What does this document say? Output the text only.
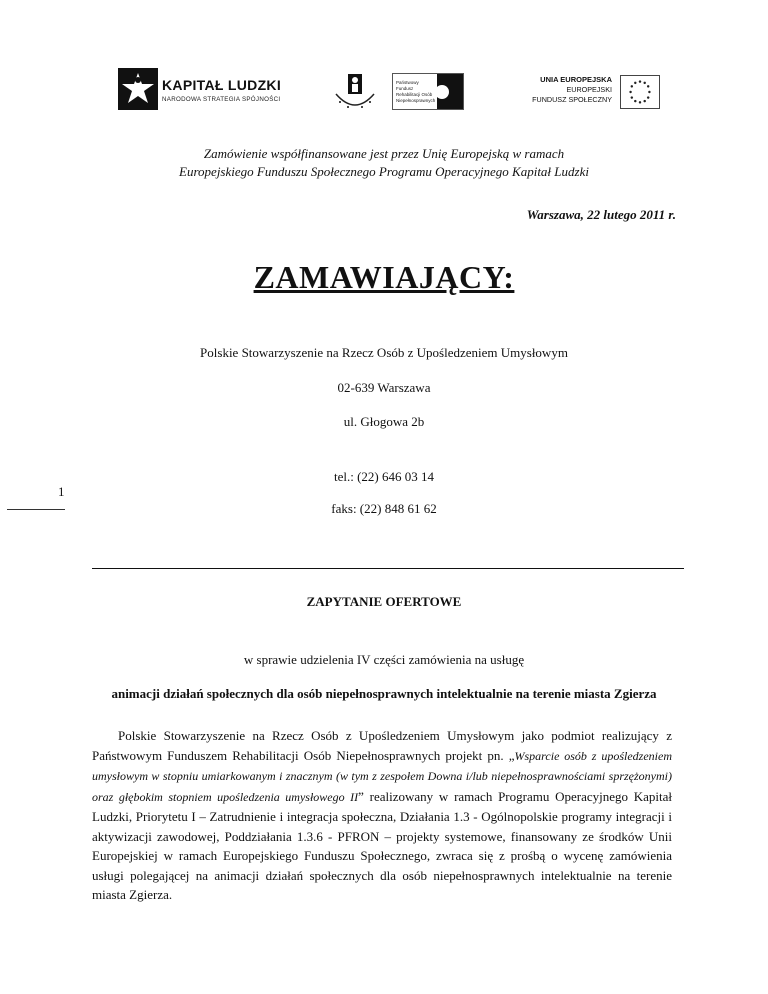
KAPITAŁ LUDZKI
NARODOWA STRATEGIA SPÓJNOŚCI
Państwowy Fundusz Rehabilitacji Osób Niepełnosprawnych
UNIA EUROPEJSKA
EUROPEJSKI
FUNDUSZ SPOŁECZNY
Zamówienie współfinansowane jest przez Unię Europejską w ramach
Europejskiego Funduszu Społecznego Programu Operacyjnego Kapitał Ludzki
Warszawa, 22 lutego 2011 r.
ZAMAWIAJĄCY:
Polskie Stowarzyszenie na Rzecz Osób z Upośledzeniem Umysłowym
02-639 Warszawa
ul. Głogowa 2b
tel.: (22) 646 03 14
faks: (22) 848 61 62
1
ZAPYTANIE OFERTOWE
w sprawie udzielenia IV części zamówienia na usługę
animacji działań społecznych dla osób niepełnosprawnych intelektualnie na terenie miasta Zgierza
Polskie Stowarzyszenie na Rzecz Osób z Upośledzeniem Umysłowym jako podmiot realizujący z Państwowym Funduszem Rehabilitacji Osób Niepełnosprawnych projekt pn. „Wsparcie osób z upośledzeniem umysłowym w stopniu umiarkowanym i znacznym (w tym z zespołem Downa i/lub niepełnosprawnościami sprzężonymi) oraz głębokim stopniem upośledzenia umysłowego II” realizowany w ramach Programu Operacyjnego Kapitał Ludzki, Priorytetu I – Zatrudnienie i integracja społeczna, Działania 1.3 - Ogólnopolskie programy integracji i aktywizacji zawodowej, Poddziałania 1.3.6 - PFRON – projekty systemowe, finansowany ze środków Unii Europejskiej w ramach Europejskiego Funduszu Społecznego, zwraca się z prośbą o wycenę zamówienia usługi polegającej na animacji działań społecznych dla osób niepełnosprawnych intelektualnie na terenie miasta Zgierza.
